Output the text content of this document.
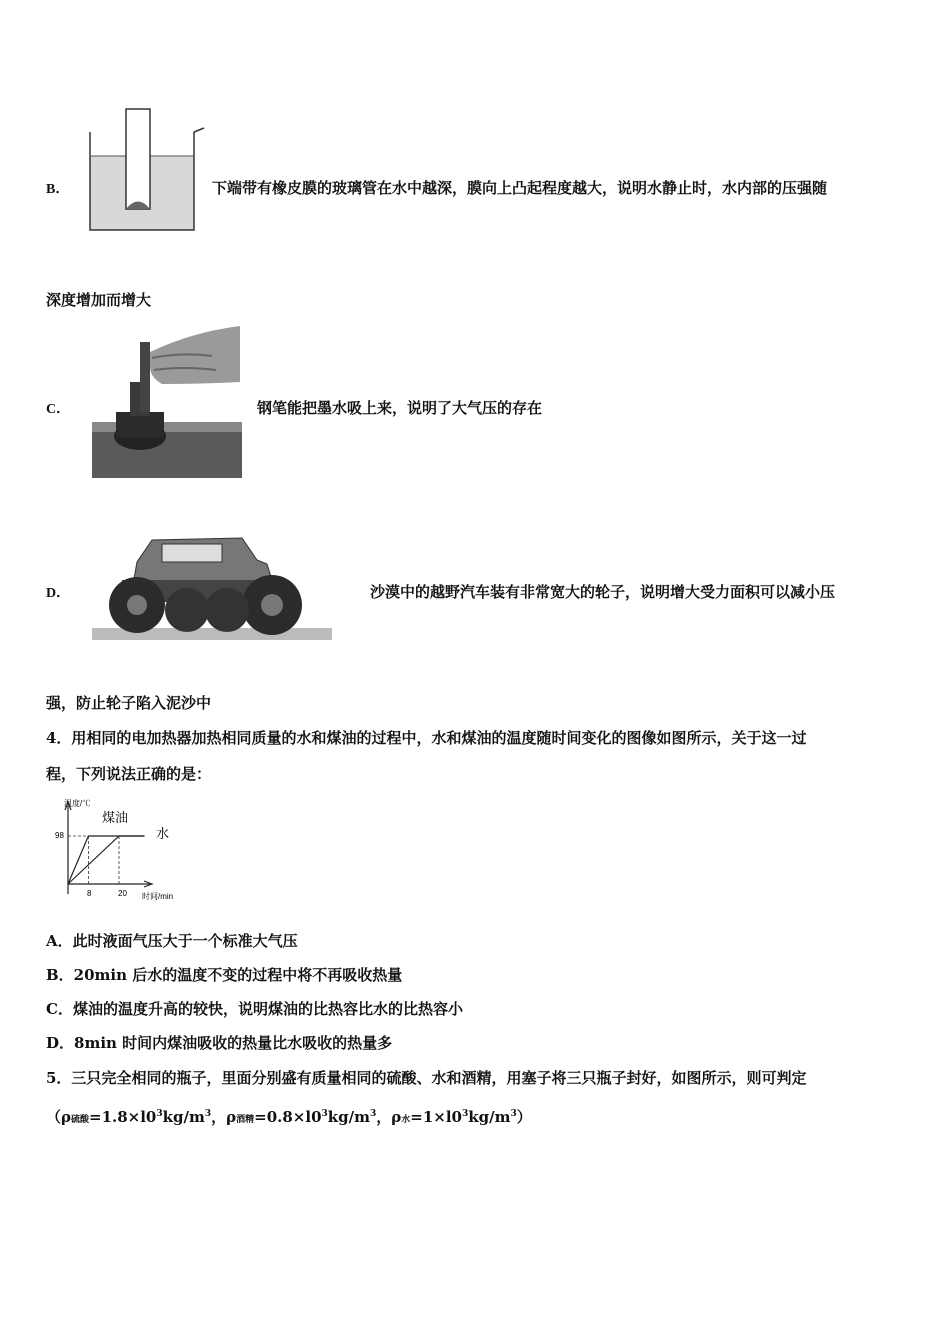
B．	下端带有橡皮膜的玻璃管在水中越深，膜向上凸起程度越大，说明水静止时，水内部的压强随
深度增加而增大
C．	钢笔能把墨水吸上来，说明了大气压的存在
D．	沙漠中的越野汽车装有非常宽大的轮子，说明增大受力面积可以减小压
强，防止轮子陷入泥沙中
4．用相同的电加热器加热相同质量的水和煤油的过程中，水和煤油的温度随时间变化的图像如图所示，关于这一过
程，下列说法正确的是：
温度/℃
时间/min
98
8	20
煤油
水
A．此时液面气压大于一个标准大气压
B．20min 后水的温度不变的过程中将不再吸收热量
C．煤油的温度升高的较快，说明煤油的比热容比水的比热容小
D．8min 时间内煤油吸收的热量比水吸收的热量多
5．三只完全相同的瓶子，里面分别盛有质量相同的硫酸、水和酒精，用塞子将三只瓶子封好，如图所示，则可判定
（ρ硫酸$=1.8\times l0^3kg/m^3$，ρ酒精$=0.8\times l0^3kg/m^3$，ρ水$=1\times l0^3kg/m^3$）
